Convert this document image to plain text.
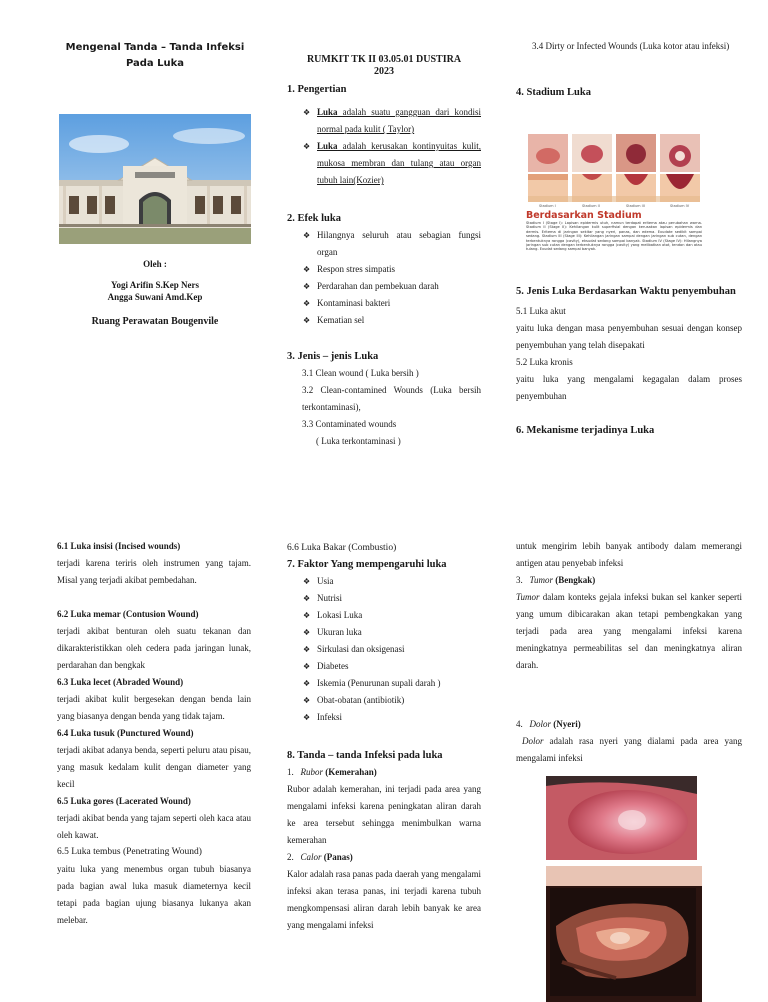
Mengenal Tanda – Tanda Infeksi
Pada Luka
Oleh :
Yogi Arifin S.Kep Ners
Angga Suwani Amd.Kep
Ruang Perawatan Bougenvile
RUMKIT TK II 03.05.01 DUSTIRA
2023
1. Pengertian
❖ Luka adalah suatu gangguan dari kondisi normal pada kulit ( Taylor)
❖ Luka adalah kerusakan kontinyuitas kulit, mukosa membran dan tulang atau organ tubuh lain(Kozier)
2. Efek luka
❖ Hilangnya seluruh atau sebagian fungsi organ
❖ Respon stres simpatis
❖ Perdarahan dan pembekuan darah
❖ Kontaminasi bakteri
❖ Kematian sel
3. Jenis – jenis Luka
3.1 Clean wound ( Luka bersih )
3.2 Clean-contamined Wounds (Luka bersih terkontaminasi),
3.3 Contaminated wounds
( Luka terkontaminasi )
3.4 Dirty or Infected Wounds (Luka kotor atau infeksi)
4. Stadium Luka
Stadium I	Stadium II	Stadium III	Stadium IV
Berdasarkan Stadium
Stadium I (Stage I): Lapisan epidermis utuh, namun terdapat eritema atau perubahan warna. Stadium II (Stage II): Kehilangan kulit superfisial dengan kerusakan lapisan epidermis dan dermis. Eritema di jaringan sekitar yang nyeri, panas, dan edema. Exudate sedikit sampai sedang. Stadium III (Stage III): Kehilangan jaringan sampai dengan jaringan sub cutan, dengan terbentuknya rongga (cavity), eksudat sedang sampai banyak. Stadium IV (Stage IV): Hilangnya jaringan sub cutan dengan terbentuknya rongga (cavity) yang melibatkan otot, tendon dan atau tulang. Exudat sedang sampai banyak.
5. Jenis Luka Berdasarkan Waktu penyembuhan
5.1 Luka akut
yaitu luka dengan masa penyembuhan sesuai dengan konsep penyembuhan yang telah disepakati
5.2 Luka kronis
yaitu luka yang mengalami kegagalan dalam proses penyembuhan
6. Mekanisme terjadinya Luka
6.1 Luka insisi (Incised wounds)
terjadi karena teriris oleh instrumen yang tajam. Misal yang terjadi akibat pembedahan.
6.2 Luka memar (Contusion Wound)
terjadi akibat benturan oleh suatu tekanan dan dikarakteristikkan oleh cedera pada jaringan lunak, perdarahan dan bengkak
6.3 Luka lecet (Abraded Wound)
terjadi akibat kulit bergesekan dengan benda lain yang biasanya dengan benda yang tidak tajam.
6.4 Luka tusuk (Punctured Wound)
terjadi akibat adanya benda, seperti peluru atau pisau, yang masuk kedalam kulit dengan diameter yang kecil
6.5 Luka gores (Lacerated Wound)
terjadi akibat benda yang tajam seperti oleh kaca atau oleh kawat.
6.5 Luka tembus (Penetrating Wound)
yaitu luka yang menembus organ tubuh biasanya pada bagian awal luka masuk diameternya kecil tetapi pada bagian ujung biasanya lukanya akan melebar.
6.6 Luka Bakar (Combustio)
7. Faktor Yang mempengaruhi luka
❖ Usia
❖ Nutrisi
❖ Lokasi Luka
❖ Ukuran luka
❖ Sirkulasi dan oksigenasi
❖ Diabetes
❖ Iskemia (Penurunan supali darah )
❖ Obat-obatan (antibiotik)
❖ Infeksi
8. Tanda – tanda Infeksi pada luka
1. Rubor (Kemerahan)
Rubor adalah kemerahan, ini terjadi pada area yang mengalami infeksi karena peningkatan aliran darah ke area tersebut sehingga menimbulkan warna kemerahan
2. Calor (Panas)
Kalor adalah rasa panas pada daerah yang mengalami infeksi akan terasa panas, ini terjadi karena tubuh mengkompensasi aliran darah lebih banyak ke area yang mengalami infeksi
untuk mengirim lebih banyak antibody dalam memerangi antigen atau penyebab infeksi
3. Tumor (Bengkak)
Tumor dalam konteks gejala infeksi bukan sel kanker seperti yang umum dibicarakan akan tetapi pembengkakan yang terjadi pada area yang mengalami infeksi karena meningkatnya permeabilitas sel dan meningkatnya aliran darah.
4. Dolor (Nyeri)
Dolor adalah rasa nyeri yang dialami pada area yang mengalami infeksi
